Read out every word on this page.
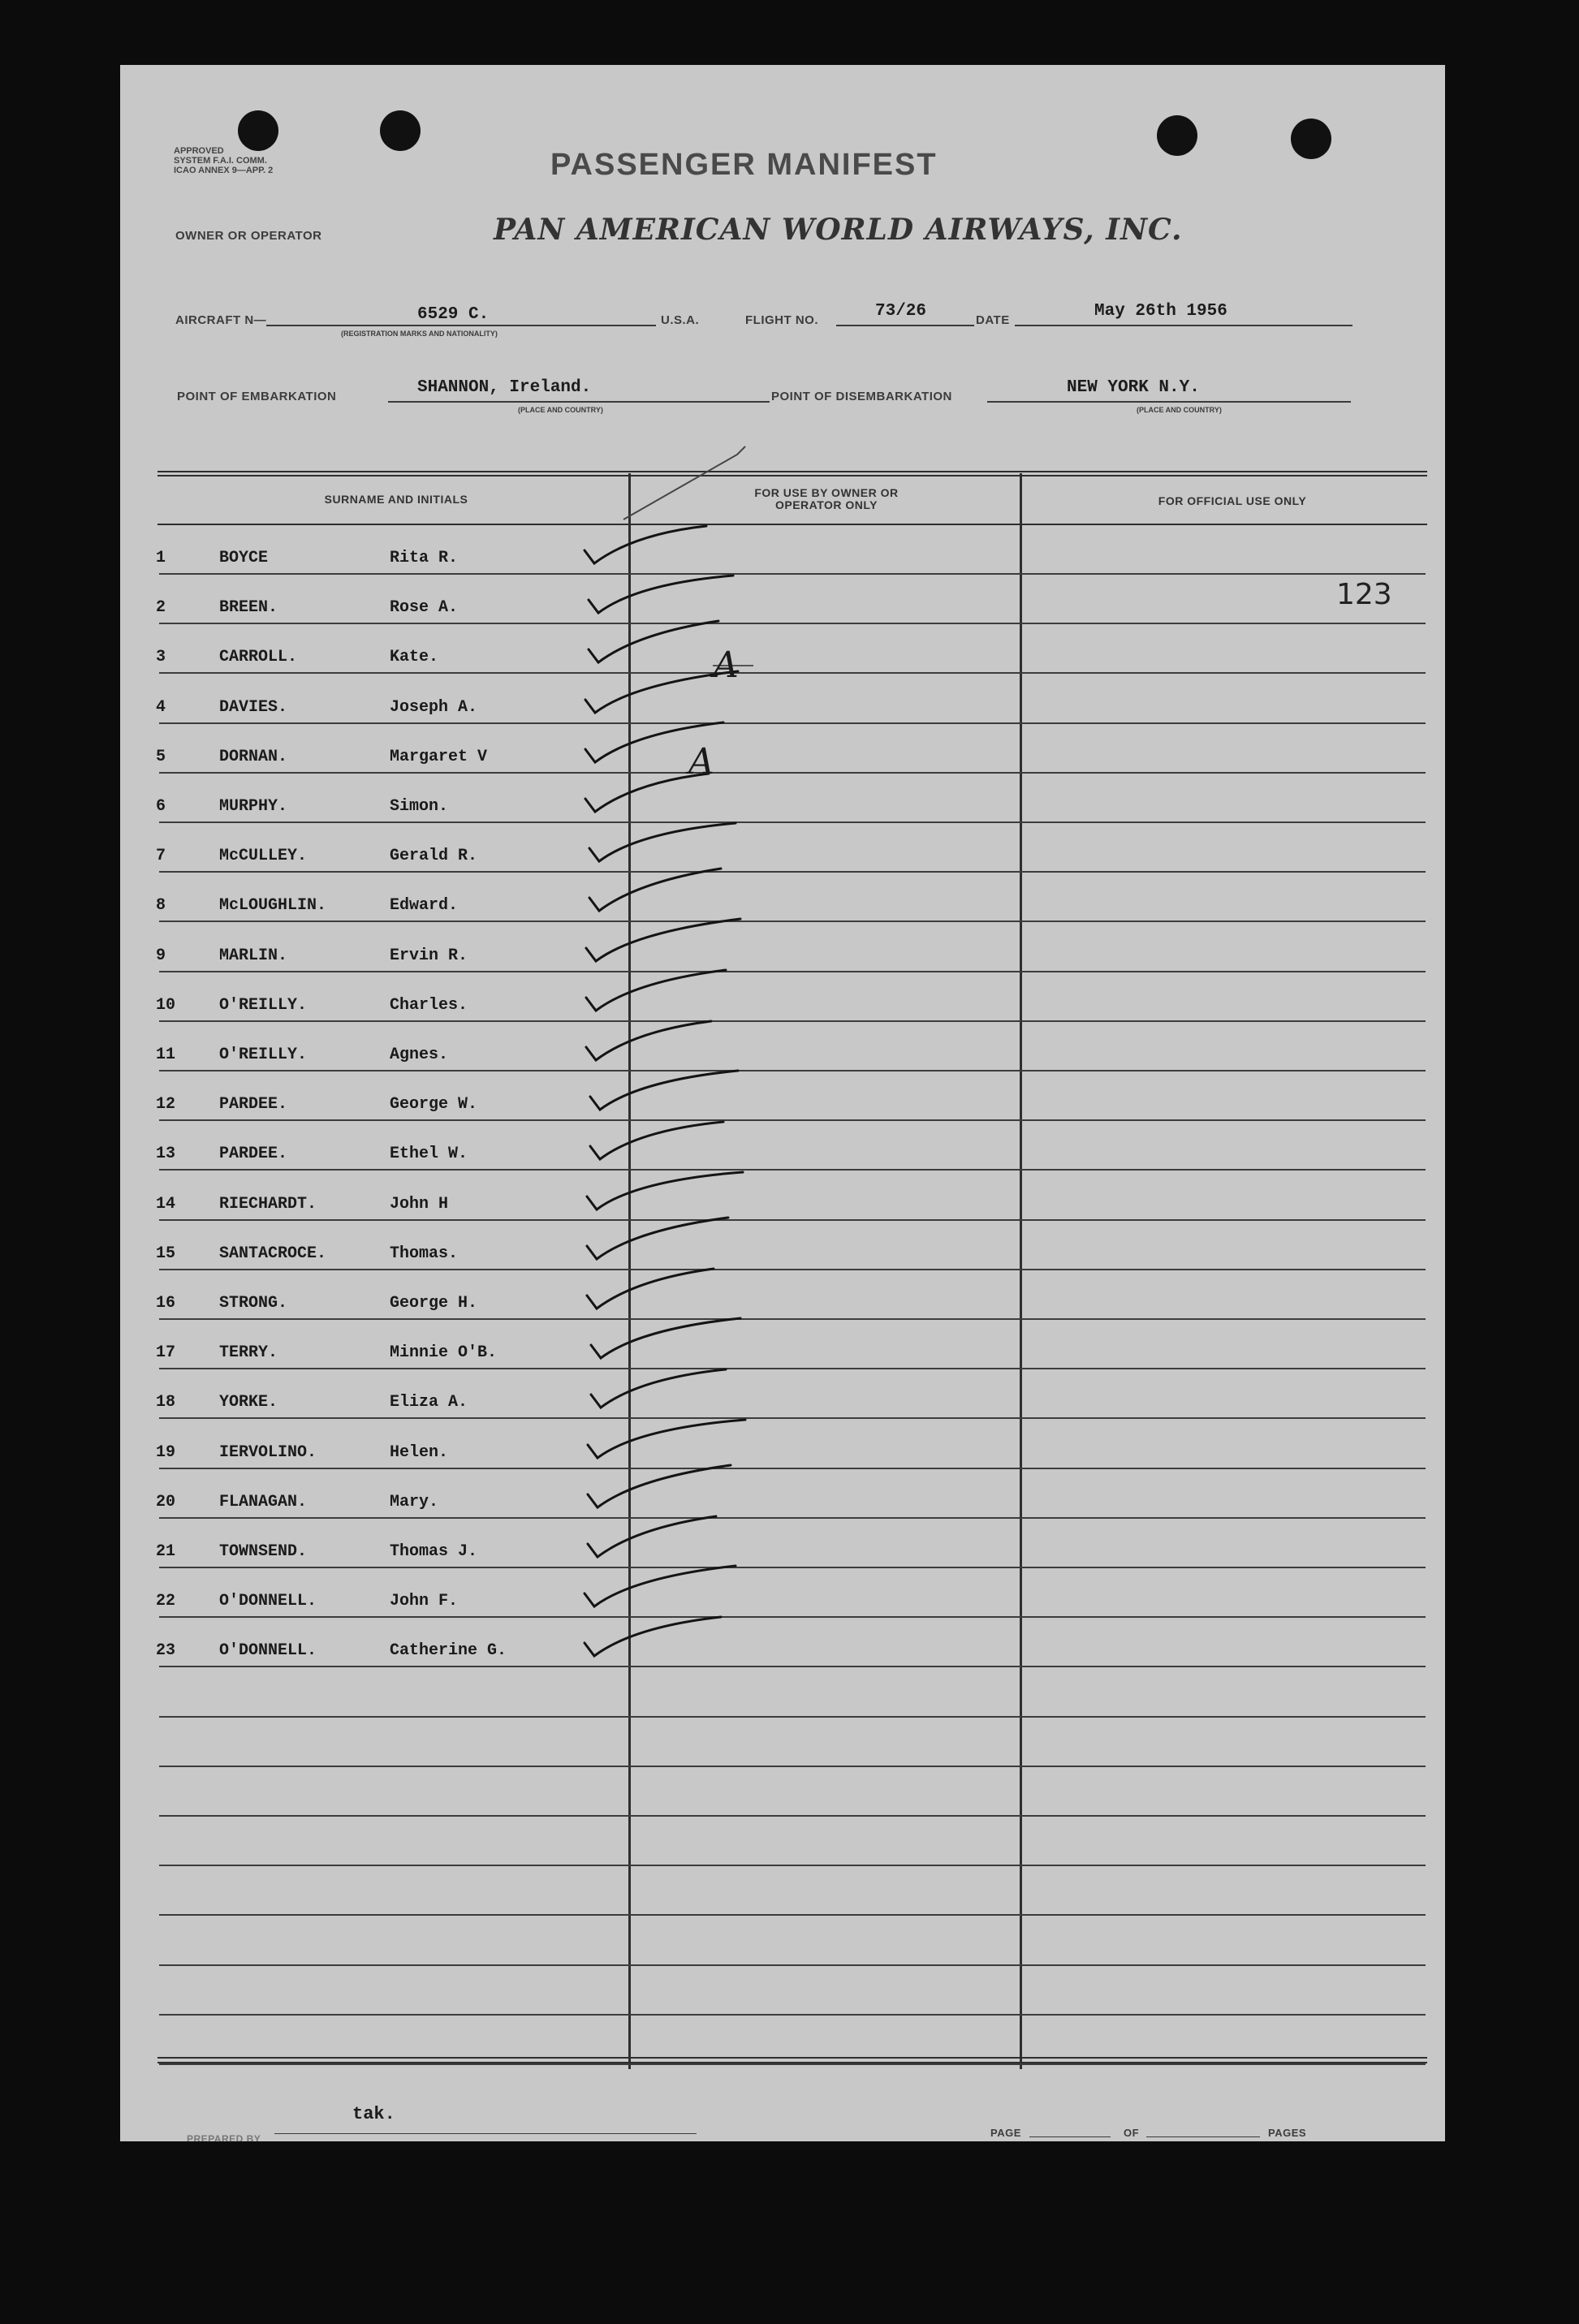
APPROVED
SYSTEM F.A.I. COMM.
ICAO ANNEX 9—APP. 2	PASSENGER MANIFEST
OWNER OR OPERATOR	PAN AMERICAN WORLD AIRWAYS, INC.
AIRCRAFT N—	6529 C.
(REGISTRATION MARKS AND NATIONALITY)
U.S.A.	FLIGHT NO.	73/26	DATE	May 26th 1956
POINT OF EMBARKATION	SHANNON, Ireland.
(PLACE AND COUNTRY)
POINT OF DISEMBARKATION	NEW YORK N.Y.
(PLACE AND COUNTRY)
SURNAME AND INITIALS	FOR USE BY OWNER OR OPERATOR ONLY	FOR OFFICIAL USE ONLY
1	BOYCE	Rita R.
2	BREEN.	Rose A.
3	CARROLL.	Kate.
4	DAVIES.	Joseph A.
5	DORNAN.	Margaret V
6	MURPHY.	Simon.
7	McCULLEY.	Gerald R.
8	McLOUGHLIN.	Edward.
9	MARLIN.	Ervin R.
10	O'REILLY.	Charles.
11	O'REILLY.	Agnes.
12	PARDEE.	George W.
13	PARDEE.	Ethel W.
14	RIECHARDT.	John H
15	SANTACROCE.	Thomas.
16	STRONG.	George H.
17	TERRY.	Minnie O'B.
18	YORKE.	Eliza A.
19	IERVOLINO.	Helen.
20	FLANAGAN.	Mary.
21	TOWNSEND.	Thomas J.
22	O'DONNELL.	John F.
23	O'DONNELL.	Catherine G.
123
PREPARED BY
tak.
PAGE	OF	PAGES
A
A
